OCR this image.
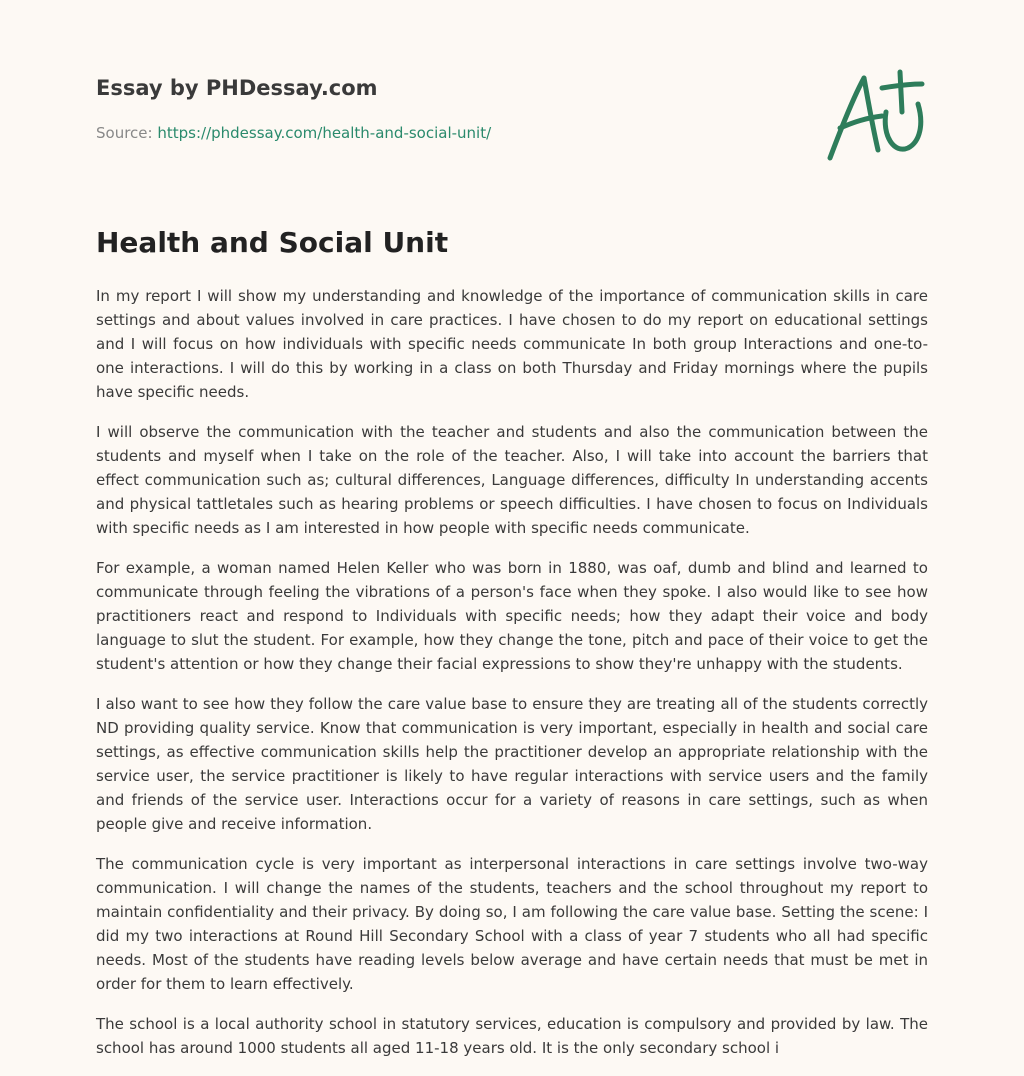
Essay by PHDessay.com
Source: https://phdessay.com/health-and-social-unit/
Health and Social Unit

In my report I will show my understanding and knowledge of the importance of communication skills in care settings and about values involved in care practices. I have chosen to do my report on educational settings and I will focus on how individuals with specific needs communicate In both group Interactions and one-to- one interactions. I will do this by working in a class on both Thursday and Friday mornings where the pupils have specific needs.

I will observe the communication with the teacher and students and also the communication between the students and myself when I take on the role of the teacher. Also, I will take into account the barriers that effect communication such as; cultural differences, Language differences, difficulty In understanding accents and physical tattletales such as hearing problems or speech difficulties. I have chosen to focus on Individuals with specific needs as I am interested in how people with specific needs communicate.

For example, a woman named Helen Keller who was born in 1880, was oaf, dumb and blind and learned to communicate through feeling the vibrations of a person's face when they spoke. I also would like to see how practitioners react and respond to Individuals with specific needs; how they adapt their voice and body language to slut the student. For example, how they change the tone, pitch and pace of their voice to get the student's attention or how they change their facial expressions to show they're unhappy with the students.

I also want to see how they follow the care value base to ensure they are treating all of the students correctly ND providing quality service. Know that communication is very important, especially in health and social care settings, as effective communication skills help the practitioner develop an appropriate relationship with the service user, the service practitioner is likely to have regular interactions with service users and the family and friends of the service user. Interactions occur for a variety of reasons in care settings, such as when people give and receive information.

The communication cycle is very important as interpersonal interactions in care settings involve two-way communication. I will change the names of the students, teachers and the school throughout my report to maintain confidentiality and their privacy. By doing so, I am following the care value base. Setting the scene: I did my two interactions at Round Hill Secondary School with a class of year 7 students who all had specific needs. Most of the students have reading levels below average and have certain needs that must be met in order for them to learn effectively.

The school is a local authority school in statutory services, education is compulsory and provided by law. The school has around 1000 students all aged 11-18 years old. It is the only secondary school i
